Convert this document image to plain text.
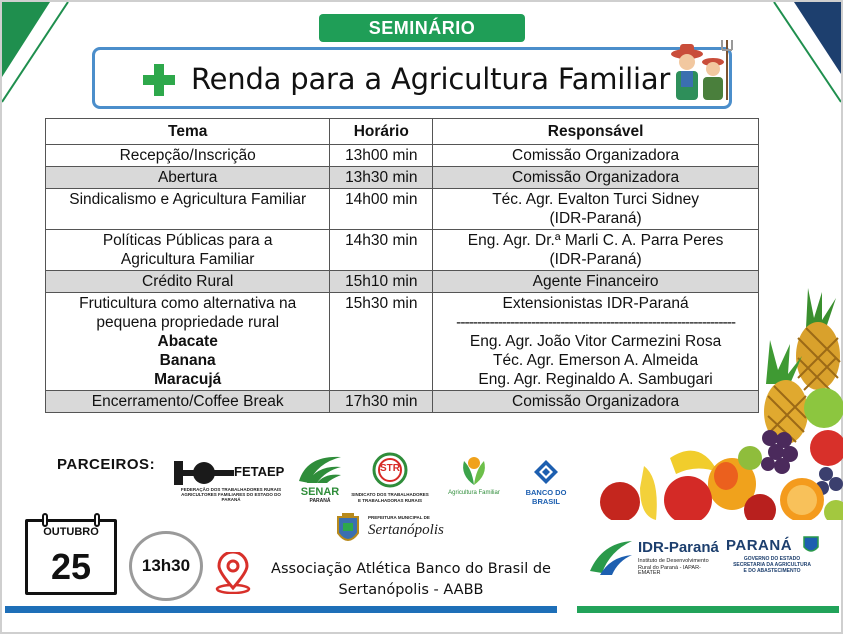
SEMINÁRIO
Renda para a Agricultura Familiar
Tema	Horário	Responsável
Recepção/Inscrição	13h00 min	Comissão Organizadora
Abertura	13h30 min	Comissão Organizadora
Sindicalismo e Agricultura Familiar	14h00 min	Téc. Agr. Evalton Turci Sidney
(IDR-Paraná)

Políticas Públicas para a
Agricultura Familiar	14h30 min	Eng. Agr. Dr.ª Marli C. A. Parra Peres
(IDR-Paraná)

Crédito Rural	15h10 min	Agente Financeiro

Fruticultura como alternativa na
pequena propriedade rural
Abacate
Banana
Maracujá	15h30 min	Extensionistas IDR-Paraná
-------------------------------------------------------------------
Eng. Agr. João Vitor Carmezini Rosa
Téc. Agr. Emerson A. Almeida
Eng. Agr. Reginaldo A. Sambugari

Encerramento/Coffee Break	17h30 min	Comissão Organizadora
PARCEIROS:	FETAEP
FEDERAÇÃO DOS TRABALHADORES RURAIS
AGRICULTORES FAMILIARES DO ESTADO DO PARANÁ
SENAR
PARANÁ
STR
SINDICATO DOS TRABALHADORES
E TRABALHADORAS RURAIS
Agricultura Familiar	BANCO DO BRASIL
PREFEITURA MUNICIPAL DE
Sertanópolis
IDR-Paraná
Instituto de Desenvolvimento
Rural do Paraná - IAPAR-EMATER
PARANÁ
GOVERNO DO ESTADO
SECRETARIA DA AGRICULTURA
E DO ABASTECIMENTO
OUTUBRO
25	13h30	Associação Atlética Banco do Brasil de
Sertanópolis - AABB
